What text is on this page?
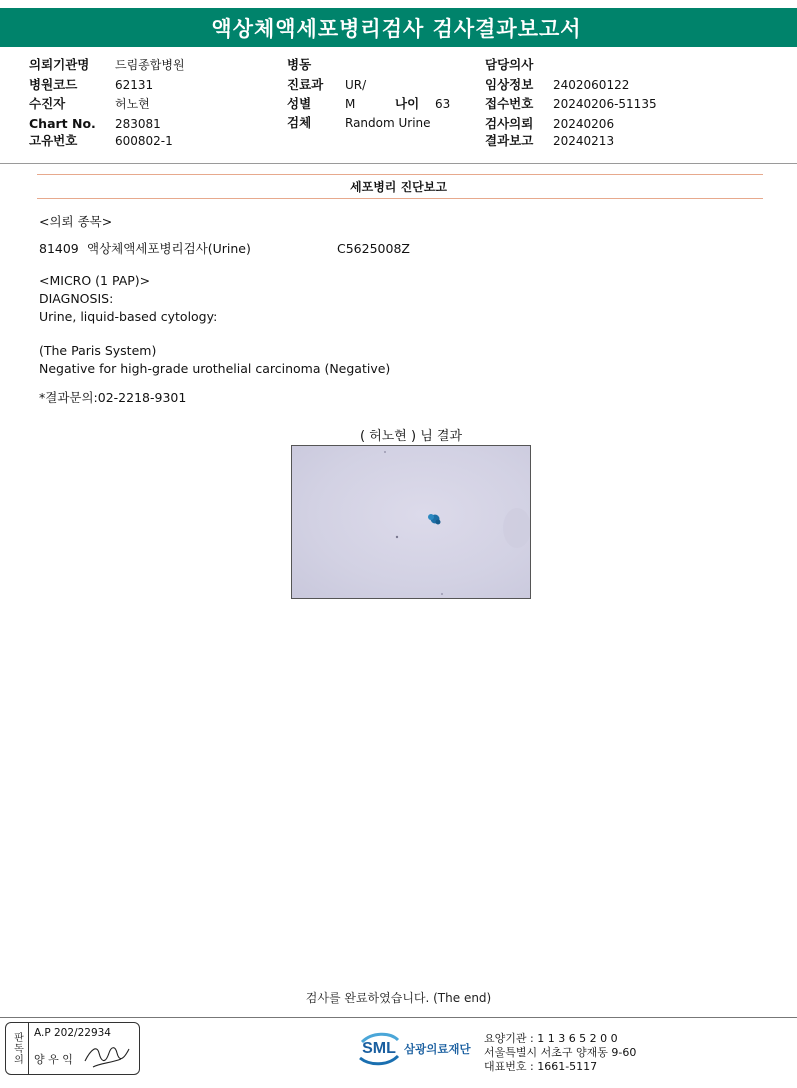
액상체액세포병리검사 검사결과보고서
의뢰기관명 드림종합병원
병원코드	62131
수진자	허노현
Chart No. 283081
고유번호	600802-1
병동
진료과 UR/
성별	M	나이 63
검체	Random Urine
담당의사
임상정보 2402060122
접수번호 20240206-51135
검사의뢰 20240206
결과보고 20240213
세포병리 진단보고
<의뢰 종목>
81409 액상체액세포병리검사(Urine)	C5625008Z
<MICRO (1 PAP)>
DIAGNOSIS:
Urine, liquid-based cytology:
(The Paris System)
Negative for high-grade urothelial carcinoma (Negative)
*결과문의:02-2218-9301
( 허노현 ) 님 결과
검사를 완료하였습니다. (The end)
판독의 A.P 202/22934
양 우 익
SML 삼광의료재단
요양기관 : 1 1 3 6 5 2 0 0
서울특별시 서초구 양재동 9-60
대표번호 : 1661-5117
